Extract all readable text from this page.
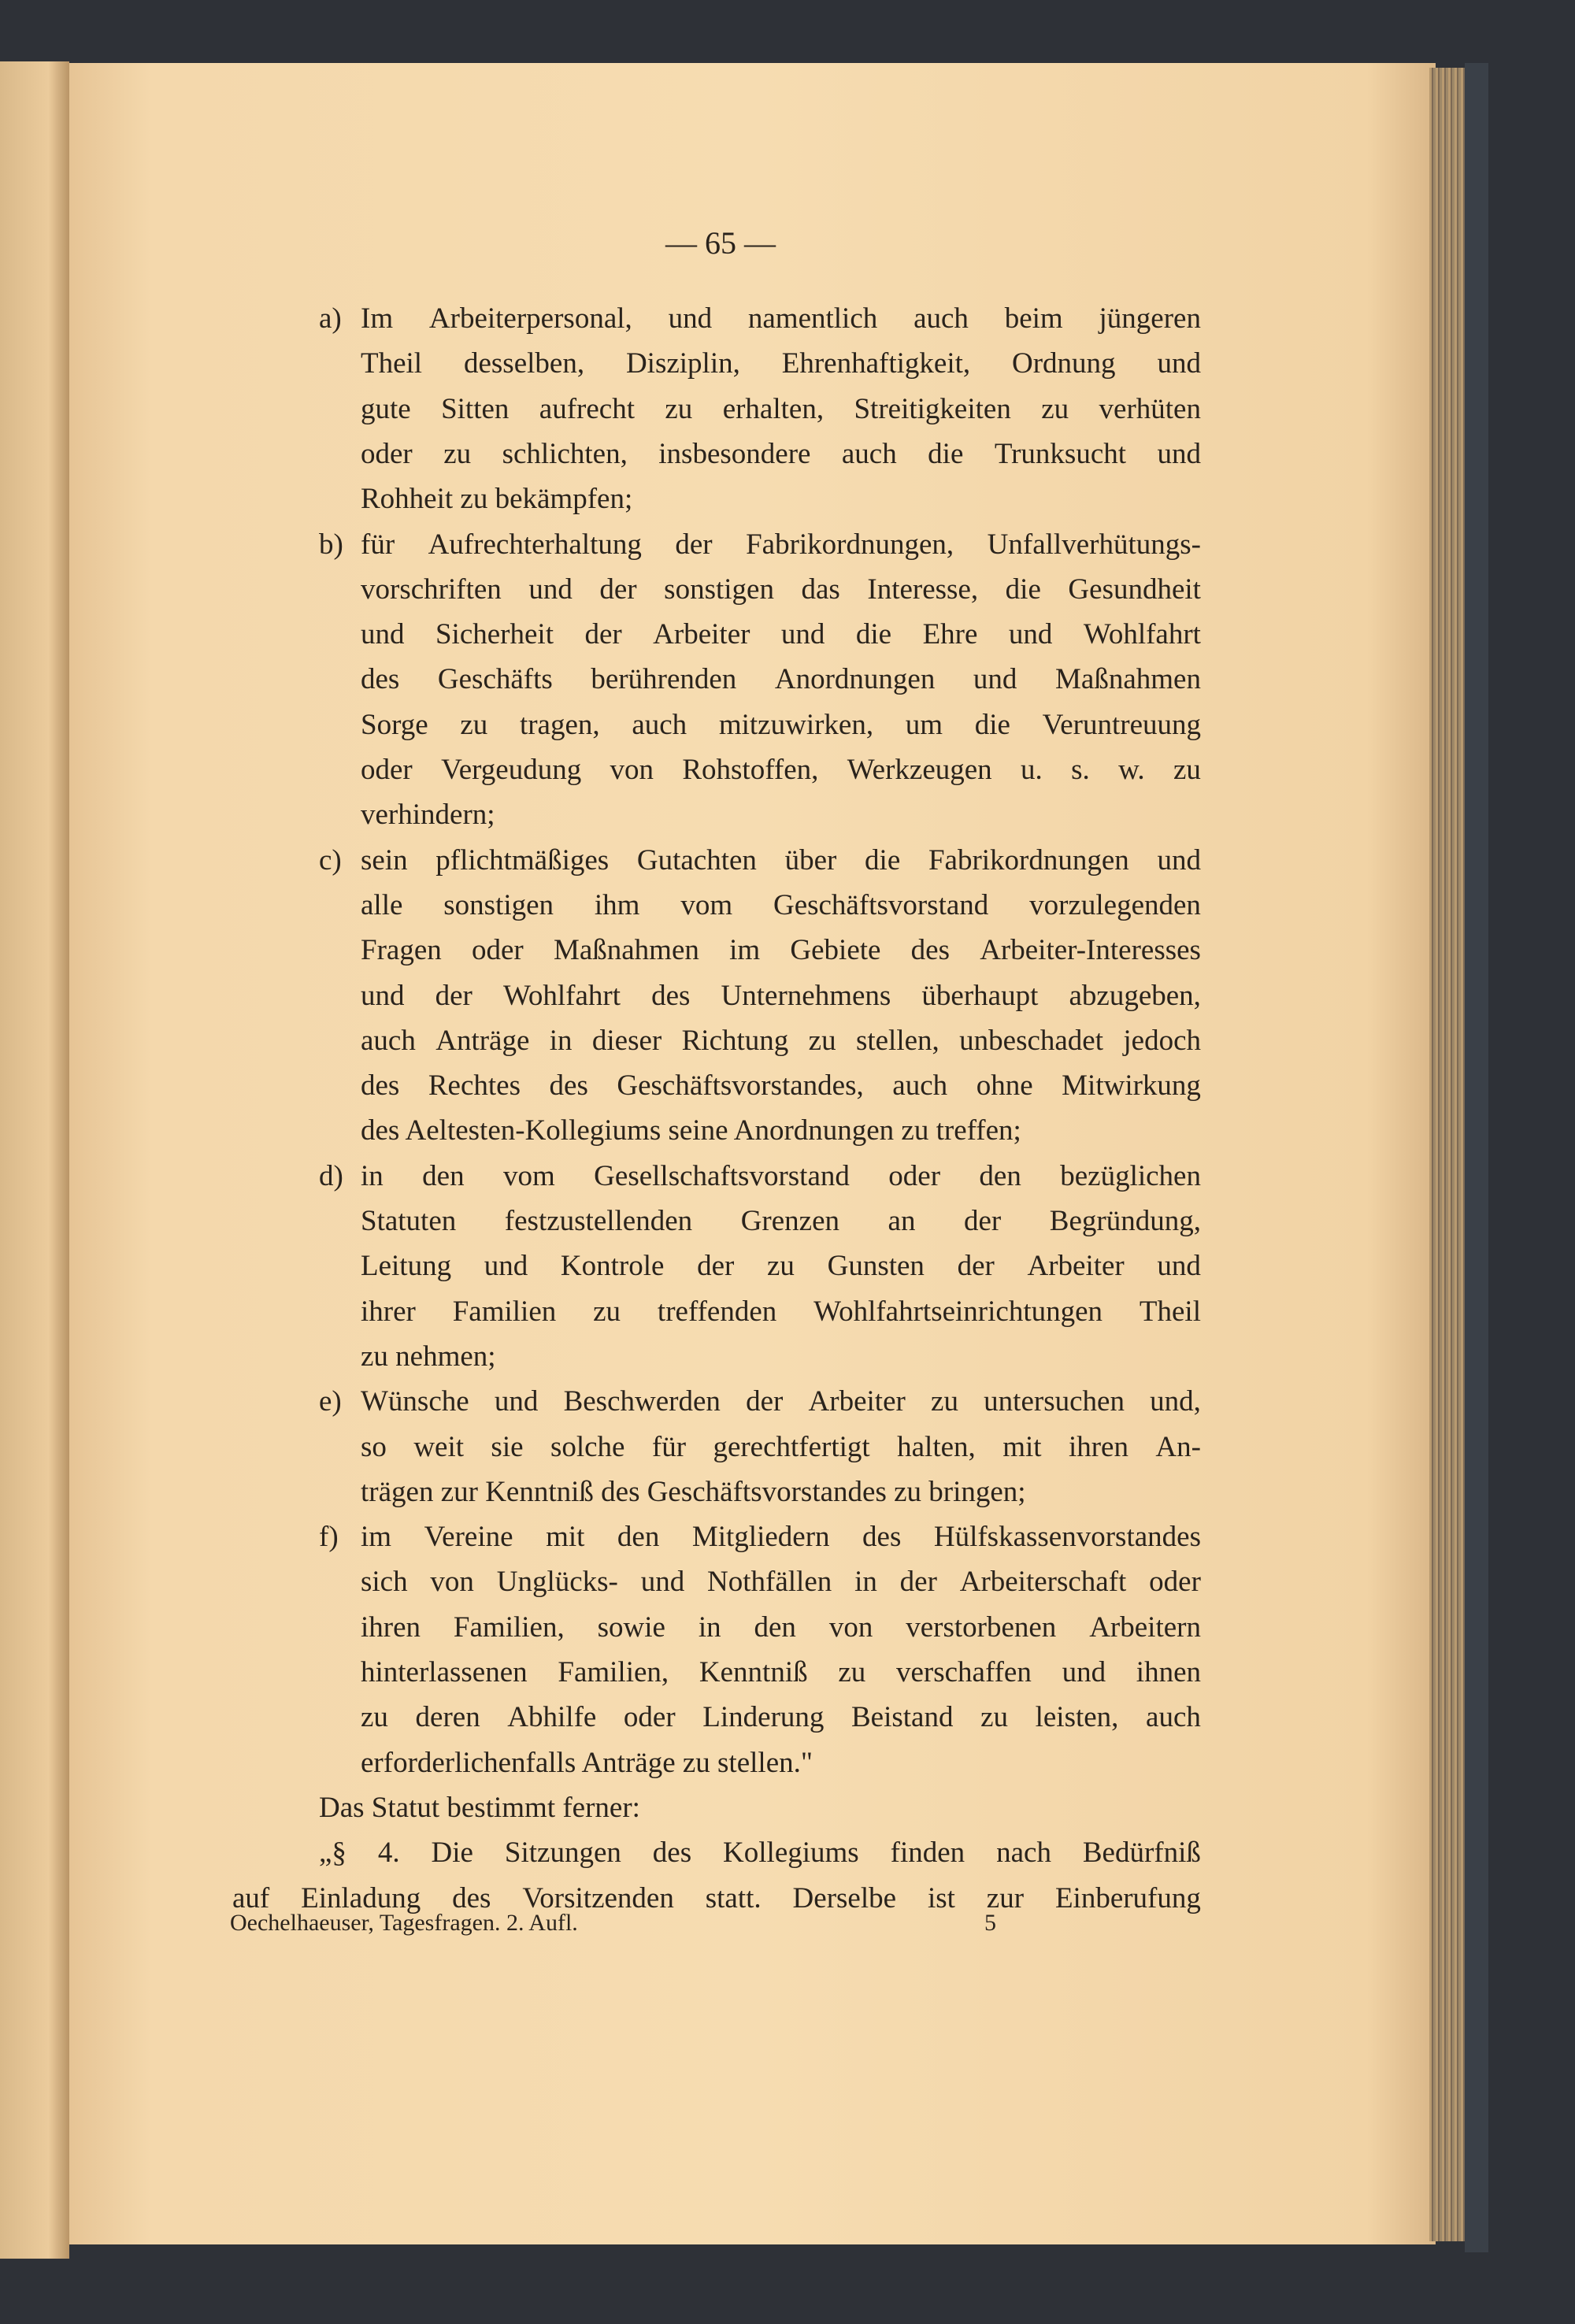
— 65 —
a) Im Arbeiterpersonal, und namentlich auch beim jüngeren
Theil desselben, Disziplin, Ehrenhaftigkeit, Ordnung und
gute Sitten aufrecht zu erhalten, Streitigkeiten zu verhüten
oder zu schlichten, insbesondere auch die Trunksucht und
Rohheit zu bekämpfen;
b) für Aufrechterhaltung der Fabrikordnungen, Unfallverhütungs-
vorschriften und der sonstigen das Interesse, die Gesundheit
und Sicherheit der Arbeiter und die Ehre und Wohlfahrt
des Geschäfts berührenden Anordnungen und Maßnahmen
Sorge zu tragen, auch mitzuwirken, um die Veruntreuung
oder Vergeudung von Rohstoffen, Werkzeugen u. s. w. zu
verhindern;
c) sein pflichtmäßiges Gutachten über die Fabrikordnungen und
alle sonstigen ihm vom Geschäftsvorstand vorzulegenden
Fragen oder Maßnahmen im Gebiete des Arbeiter-Interesses
und der Wohlfahrt des Unternehmens überhaupt abzugeben,
auch Anträge in dieser Richtung zu stellen, unbeschadet jedoch
des Rechtes des Geschäftsvorstandes, auch ohne Mitwirkung
des Aeltesten-Kollegiums seine Anordnungen zu treffen;
d) in den vom Gesellschaftsvorstand oder den bezüglichen
Statuten festzustellenden Grenzen an der Begründung,
Leitung und Kontrole der zu Gunsten der Arbeiter und
ihrer Familien zu treffenden Wohlfahrtseinrichtungen Theil
zu nehmen;
e) Wünsche und Beschwerden der Arbeiter zu untersuchen und,
so weit sie solche für gerechtfertigt halten, mit ihren An-
trägen zur Kenntniß des Geschäftsvorstandes zu bringen;
f) im Vereine mit den Mitgliedern des Hülfskassenvorstandes
sich von Unglücks- und Nothfällen in der Arbeiterschaft oder
ihren Familien, sowie in den von verstorbenen Arbeitern
hinterlassenen Familien, Kenntniß zu verschaffen und ihnen
zu deren Abhilfe oder Linderung Beistand zu leisten, auch
erforderlichenfalls Anträge zu stellen."
Das Statut bestimmt ferner:
„§ 4. Die Sitzungen des Kollegiums finden nach Bedürfniß
auf Einladung des Vorsitzenden statt. Derselbe ist zur Einberufung
Oechelhaeuser, Tagesfragen. 2. Aufl.	5
